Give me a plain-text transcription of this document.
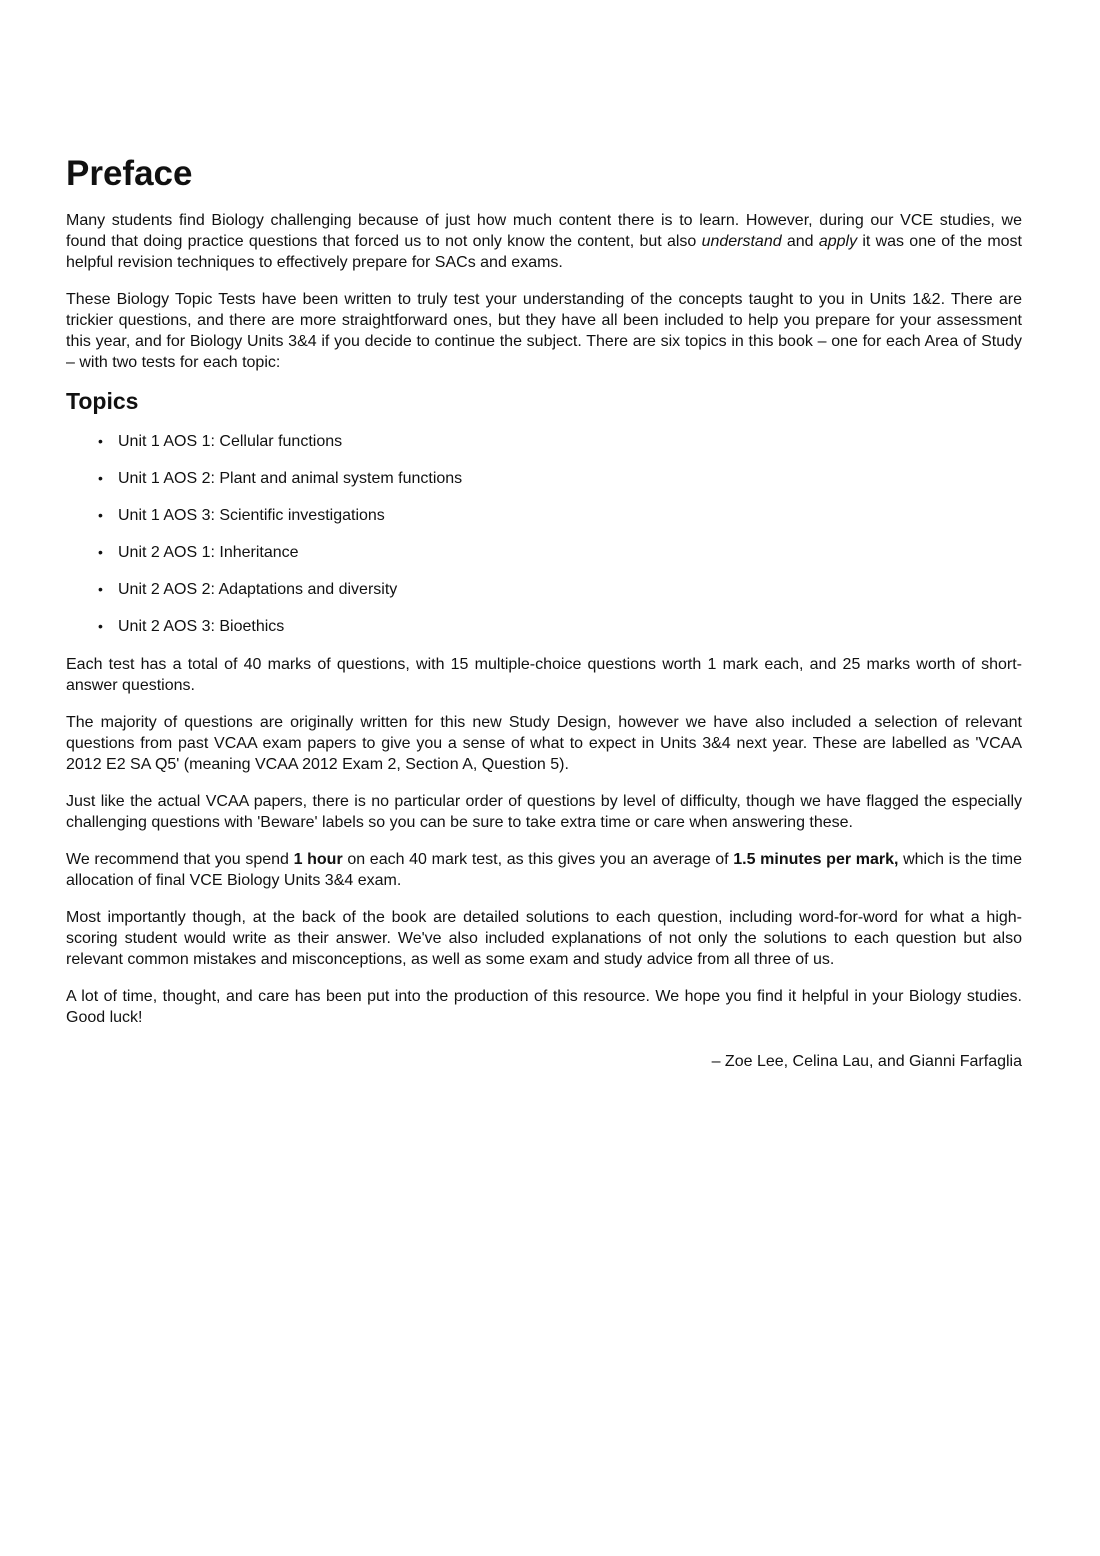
Preface

Many students find Biology challenging because of just how much content there is to learn. However, during our VCE studies, we found that doing practice questions that forced us to not only know the content, but also understand and apply it was one of the most helpful revision techniques to effectively prepare for SACs and exams.

These Biology Topic Tests have been written to truly test your understanding of the concepts taught to you in Units 1&2. There are trickier questions, and there are more straightforward ones, but they have all been included to help you prepare for your assessment this year, and for Biology Units 3&4 if you decide to continue the subject. There are six topics in this book – one for each Area of Study – with two tests for each topic:

Topics
• Unit 1 AOS 1: Cellular functions
• Unit 1 AOS 2: Plant and animal system functions
• Unit 1 AOS 3: Scientific investigations
• Unit 2 AOS 1: Inheritance
• Unit 2 AOS 2: Adaptations and diversity
• Unit 2 AOS 3: Bioethics

Each test has a total of 40 marks of questions, with 15 multiple-choice questions worth 1 mark each, and 25 marks worth of short-answer questions.

The majority of questions are originally written for this new Study Design, however we have also included a selection of relevant questions from past VCAA exam papers to give you a sense of what to expect in Units 3&4 next year. These are labelled as 'VCAA 2012 E2 SA Q5' (meaning VCAA 2012 Exam 2, Section A, Question 5).

Just like the actual VCAA papers, there is no particular order of questions by level of difficulty, though we have flagged the especially challenging questions with 'Beware' labels so you can be sure to take extra time or care when answering these.

We recommend that you spend 1 hour on each 40 mark test, as this gives you an average of 1.5 minutes per mark, which is the time allocation of final VCE Biology Units 3&4 exam.

Most importantly though, at the back of the book are detailed solutions to each question, including word-for-word for what a high-scoring student would write as their answer. We've also included explanations of not only the solutions to each question but also relevant common mistakes and misconceptions, as well as some exam and study advice from all three of us.

A lot of time, thought, and care has been put into the production of this resource. We hope you find it helpful in your Biology studies. Good luck!

– Zoe Lee, Celina Lau, and Gianni Farfaglia
